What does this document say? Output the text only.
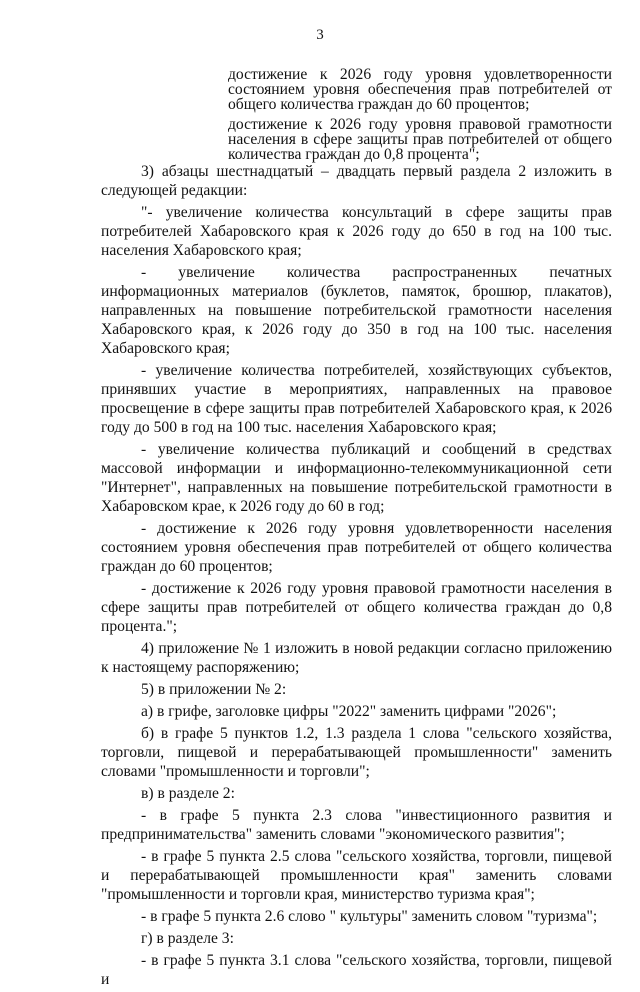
3
достижение к 2026 году уровня удовлетворенности состоянием уровня обеспечения прав потребителей от общего количества граждан до 60 процентов;
достижение к 2026 году уровня правовой грамотности населения в сфере защиты прав потребителей от общего количества граждан до 0,8 процента";

3) абзацы шестнадцатый – двадцать первый раздела 2 изложить в следующей редакции:

"- увеличение количества консультаций в сфере защиты прав потребителей Хабаровского края к 2026 году до 650 в год на 100 тыс. населения Хабаровского края;

- увеличение количества распространенных печатных информационных материалов (буклетов, памяток, брошюр, плакатов), направленных на повышение потребительской грамотности населения Хабаровского края, к 2026 году до 350 в год на 100 тыс. населения Хабаровского края;

- увеличение количества потребителей, хозяйствующих субъектов, принявших участие в мероприятиях, направленных на правовое просвещение в сфере защиты прав потребителей Хабаровского края, к 2026 году до 500 в год на 100 тыс. населения Хабаровского края;

- увеличение количества публикаций и сообщений в средствах массовой информации и информационно-телекоммуникационной сети "Интернет", направленных на повышение потребительской грамотности в Хабаровском крае, к 2026 году до 60 в год;

- достижение к 2026 году уровня удовлетворенности населения состоянием уровня обеспечения прав потребителей от общего количества граждан до 60 процентов;

- достижение к 2026 году уровня правовой грамотности населения в сфере защиты прав потребителей от общего количества граждан до 0,8 процента.";

4) приложение № 1 изложить в новой редакции согласно приложению к настоящему распоряжению;

5) в приложении № 2:

а) в грифе, заголовке цифры "2022" заменить цифрами "2026";

б) в графе 5 пунктов 1.2, 1.3 раздела 1 слова "сельского хозяйства, торговли, пищевой и перерабатывающей промышленности" заменить словами "промышленности и торговли";

в) в разделе 2:

- в графе 5 пункта 2.3 слова "инвестиционного развития и предпринимательства" заменить словами "экономического развития";

- в графе 5 пункта 2.5 слова "сельского хозяйства, торговли, пищевой и перерабатывающей промышленности края" заменить словами "промышленности и торговли края, министерство туризма края";

- в графе 5 пункта 2.6 слово " культуры" заменить словом "туризма";

г) в разделе 3:

- в графе 5 пункта 3.1 слова "сельского хозяйства, торговли, пищевой и
